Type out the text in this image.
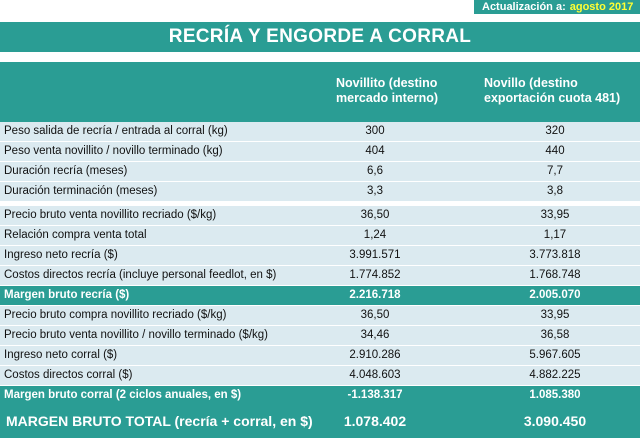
Actualización a: agosto 2017
RECRÍA Y ENGORDE A CORRAL
Novillito (destino mercado interno)
Novillo (destino exportación cuota 481)
Peso salida de recría / entrada al corral (kg)	300	320
Peso venta novillito / novillo terminado (kg)	404	440
Duración recría (meses)	6,6	7,7
Duración terminación (meses)	3,3	3,8
Precio bruto venta novillito recriado ($/kg)	36,50	33,95
Relación compra venta total	1,24	1,17
Ingreso neto recría ($)	3.991.571	3.773.818
Costos directos recría (incluye personal feedlot, en $)	1.774.852	1.768.748
Margen bruto recría ($)	2.216.718	2.005.070
Precio bruto compra novillito recriado ($/kg)	36,50	33,95
Precio bruto venta novillito / novillo terminado ($/kg)	34,46	36,58
Ingreso neto corral ($)	2.910.286	5.967.605
Costos directos corral ($)	4.048.603	4.882.225
Margen bruto corral (2 ciclos anuales, en $)	-1.138.317	1.085.380
MARGEN BRUTO TOTAL (recría + corral, en $)	1.078.402	3.090.450
